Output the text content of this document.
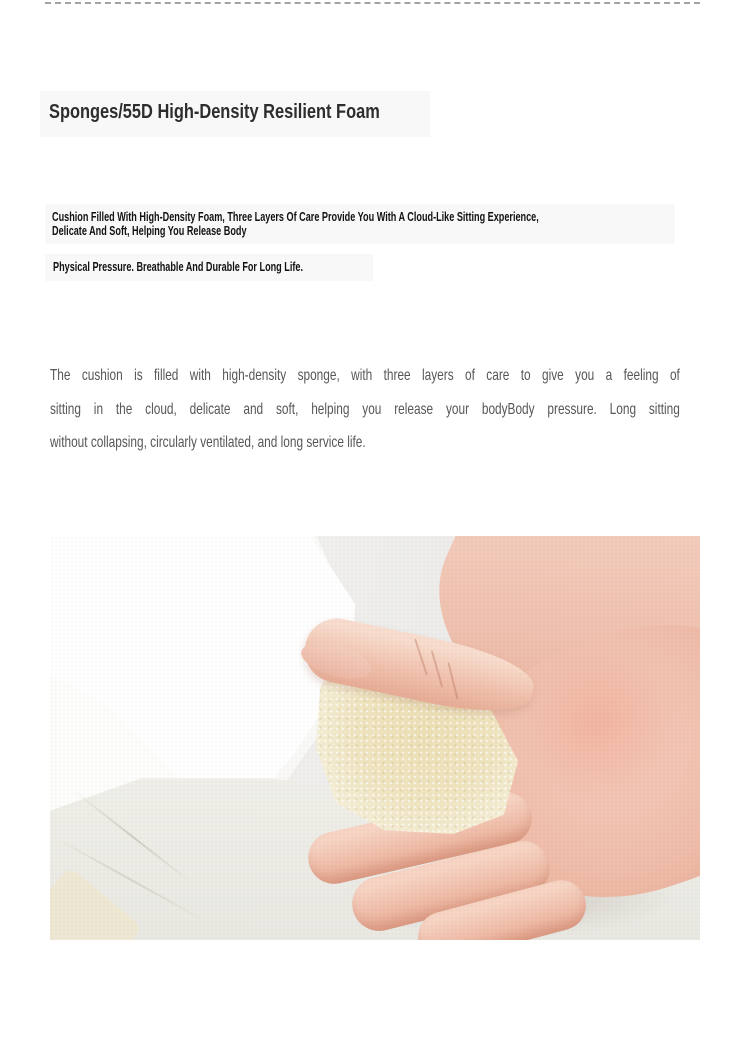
Sponges/55D High-Density Resilient Foam
Cushion Filled With High-Density Foam, Three Layers Of Care Provide You With A Cloud-Like Sitting Experience,
Delicate And Soft, Helping You Release Body
Physical Pressure. Breathable And Durable For Long Life.

The cushion is filled with high-density sponge, with three layers of care to give you a feeling of
sitting in the cloud, delicate and soft, helping you release your bodyBody pressure. Long sitting
without collapsing, circularly ventilated, and long service life.
